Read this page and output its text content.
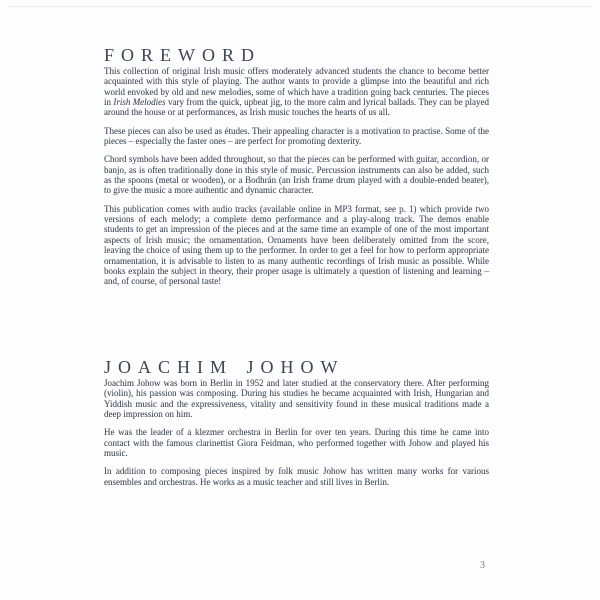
foreword

This collection of original Irish music offers moderately advanced students the chance to become better acquainted with this style of playing. The author wants to provide a glimpse into the beautiful and rich world envoked by old and new melodies, some of which have a tradition going back centuries. The pieces in Irish Melodies vary from the quick, upbeat jig, to the more calm and lyrical ballads. They can be played around the house or at performances, as Irish music touches the hearts of us all.

These pieces can also be used as études. Their appealing character is a motivation to practise. Some of the pieces – especially the faster ones – are perfect for promoting dexterity.

Chord symbols have been added throughout, so that the pieces can be performed with guitar, accordion, or banjo, as is often traditionally done in this style of music. Percussion instruments can also be added, such as the spoons (metal or wooden), or a Bodhrán (an Irish frame drum played with a double-ended beater), to give the music a more authentic and dynamic character.

This publication comes with audio tracks (available online in MP3 format, see p. 1) which provide two versions of each melody; a complete demo performance and a play-along track. The demos enable students to get an impression of the pieces and at the same time an example of one of the most important aspects of Irish music; the ornamentation. Ornaments have been deliberately omitted from the score, leaving the choice of using them up to the performer. In order to get a feel for how to perform appropriate ornamentation, it is advisable to listen to as many authentic recordings of Irish music as possible. While books explain the subject in theory, their proper usage is ultimately a question of listening and learning – and, of course, of personal taste!

joachim johow

Joachim Johow was born in Berlin in 1952 and later studied at the conservatory there. After performing (violin), his passion was composing. During his studies he became acquainted with Irish, Hungarian and Yiddish music and the expressiveness, vitality and sensitivity found in these musical traditions made a deep impression on him.

He was the leader of a klezmer orchestra in Berlin for over ten years. During this time he came into contact with the famous clarinettist Giora Feidman, who performed together with Johow and played his music.

In addition to composing pieces inspired by folk music Johow has written many works for various ensembles and orchestras. He works as a music teacher and still lives in Berlin.

3
